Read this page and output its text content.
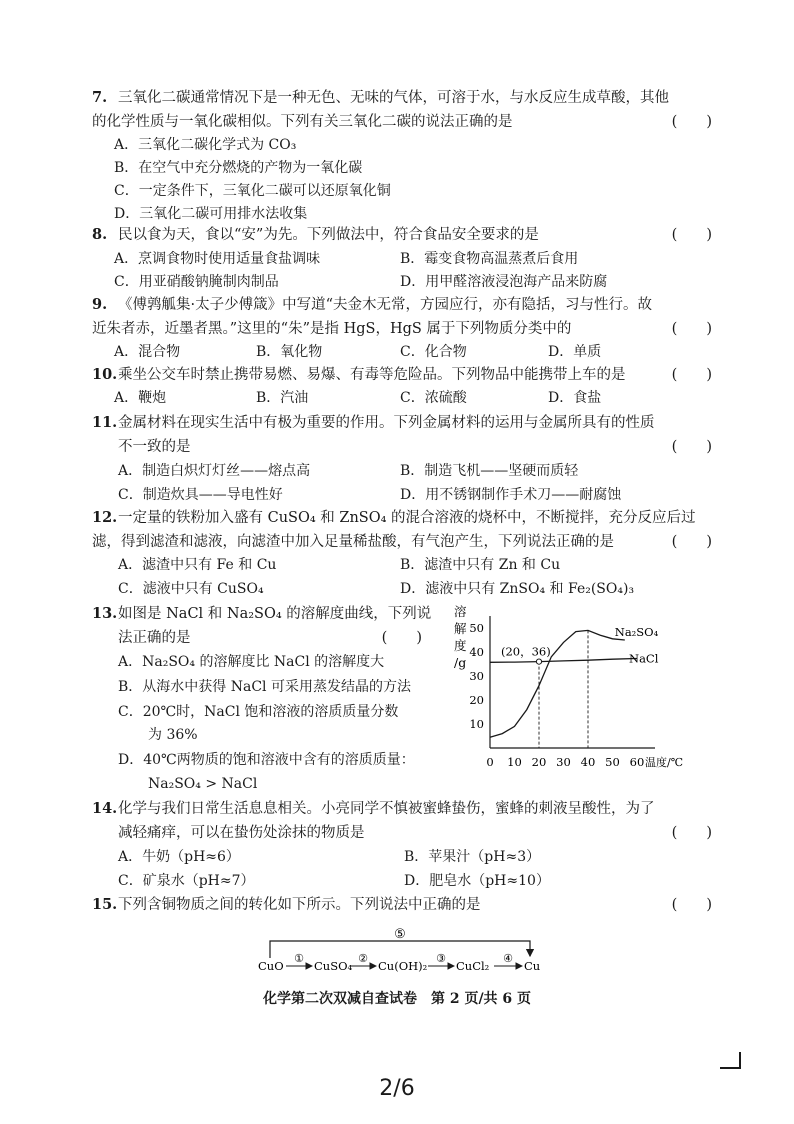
7. 三氧化二碳通常情况下是一种无色、无味的气体，可溶于水，与水反应生成草酸，其他
的化学性质与一氧化碳相似。下列有关三氧化二碳的说法正确的是	(　　)
A．三氧化二碳化学式为 CO₃
B．在空气中充分燃烧的产物为一氧化碳
C．一定条件下，三氧化二碳可以还原氧化铜
D．三氧化二碳可用排水法收集
8. 民以食为天，食以“安”为先。下列做法中，符合食品安全要求的是	(　　)
A．烹调食物时使用适量食盐调味	B．霉变食物高温蒸煮后食用
C．用亚硝酸钠腌制肉制品	D．用甲醛溶液浸泡海产品来防腐
9. 《傅鹑觚集·太子少傅箴》中写道“夫金木无常，方园应行，亦有隐括，习与性行。故
近朱者赤，近墨者黑。”这里的“朱”是指 HgS，HgS 属于下列物质分类中的	(　　)
A．混合物	B．氧化物	C．化合物	D．单质
10.乘坐公交车时禁止携带易燃、易爆、有毒等危险品。下列物品中能携带上车的是	(　　)
A．鞭炮	B．汽油	C．浓硫酸	D．食盐
11.金属材料在现实生活中有极为重要的作用。下列金属材料的运用与金属所具有的性质
不一致的是	(　　)
A．制造白炽灯灯丝——熔点高	B．制造飞机——坚硬而质轻
C．制造炊具——导电性好	D．用不锈钢制作手术刀——耐腐蚀
12.一定量的铁粉加入盛有 CuSO₄ 和 ZnSO₄ 的混合溶液的烧杯中，不断搅拌，充分反应后过
滤，得到滤渣和滤液，向滤渣中加入足量稀盐酸，有气泡产生，下列说法正确的是	(　　)
A．滤渣中只有 Fe 和 Cu	B．滤渣中只有 Zn 和 Cu
C．滤液中只有 CuSO₄	D．滤液中只有 ZnSO₄ 和 Fe₂(SO₄)₃
13.如图是 NaCl 和 Na₂SO₄ 的溶解度曲线，下列说
法正确的是	(　　)
A．Na₂SO₄ 的溶解度比 NaCl 的溶解度大
B．从海水中获得 NaCl 可采用蒸发结晶的方法
C．20℃时，NaCl 饱和溶液的溶质质量分数
为 36%
D．40℃两物质的饱和溶液中含有的溶质质量：
Na₂SO₄ > NaCl
0 10 20 30 40 50 60
10
20
30
40
50
温度/℃
溶
解
度
/g
Na₂SO₄
NaCl
(20，36)
14.化学与我们日常生活息息相关。小亮同学不慎被蜜蜂蛰伤，蜜蜂的刺液呈酸性，为了
减轻痛痒，可以在蛰伤处涂抹的物质是	(　　)
A．牛奶（pH≈6）	B．苹果汁（pH≈3）
C．矿泉水（pH≈7）	D．肥皂水（pH≈10）
15.下列含铜物质之间的转化如下所示。下列说法中正确的是	(　　)
⑤
CuO	CuSO₄ Cu(OH)₂	CuCl₂	Cu
①	②	③	④
化学第二次双减自查试卷　第 2 页/共 6 页
2/6
